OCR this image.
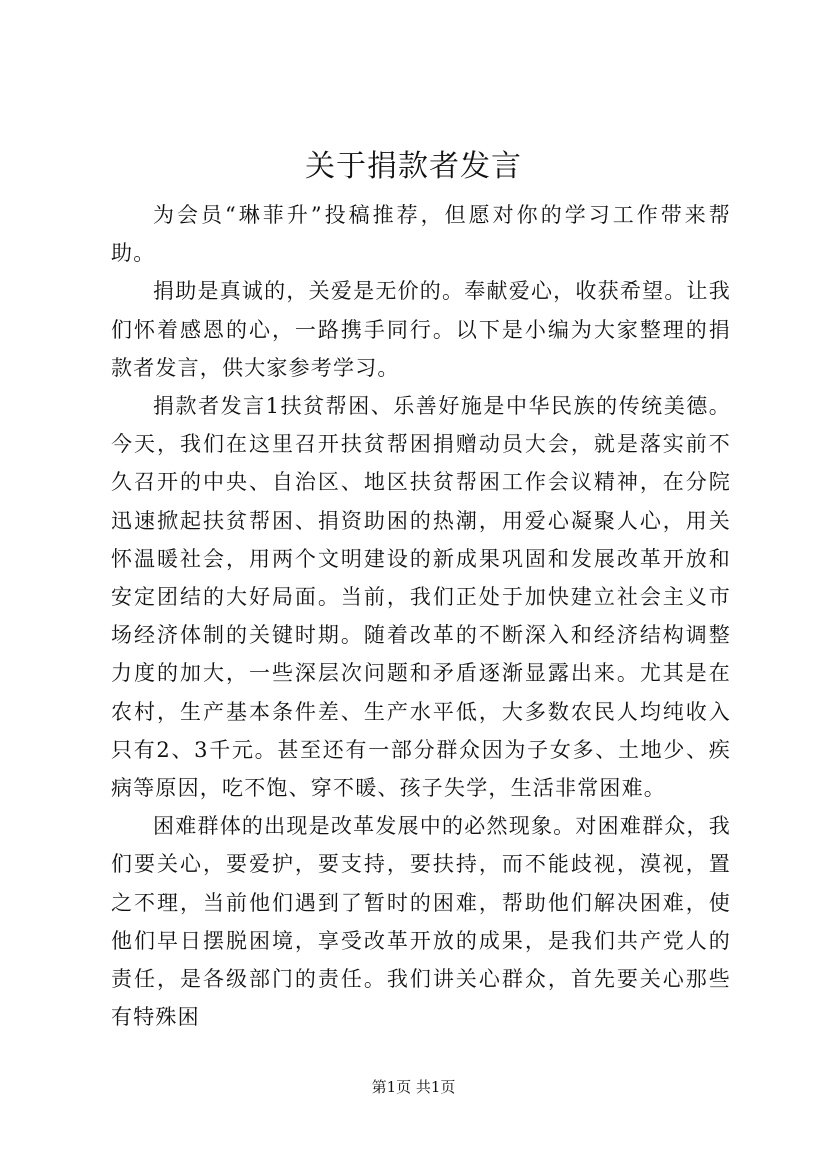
关于捐款者发言

为会员“琳菲升”投稿推荐，但愿对你的学习工作带来帮助。

捐助是真诚的，关爱是无价的。奉献爱心，收获希望。让我们怀着感恩的心，一路携手同行。以下是小编为大家整理的捐款者发言，供大家参考学习。

捐款者发言1扶贫帮困、乐善好施是中华民族的传统美德。今天，我们在这里召开扶贫帮困捐赠动员大会，就是落实前不久召开的中央、自治区、地区扶贫帮困工作会议精神，在分院迅速掀起扶贫帮困、捐资助困的热潮，用爱心凝聚人心，用关怀温暖社会，用两个文明建设的新成果巩固和发展改革开放和安定团结的大好局面。当前，我们正处于加快建立社会主义市场经济体制的关键时期。随着改革的不断深入和经济结构调整力度的加大，一些深层次问题和矛盾逐渐显露出来。尤其是在农村，生产基本条件差、生产水平低，大多数农民人均纯收入只有2、3千元。甚至还有一部分群众因为子女多、土地少、疾病等原因，吃不饱、穿不暖、孩子失学，生活非常困难。

困难群体的出现是改革发展中的必然现象。对困难群众，我们要关心，要爱护，要支持，要扶持，而不能歧视，漠视，置之不理，当前他们遇到了暂时的困难，帮助他们解决困难，使他们早日摆脱困境，享受改革开放的成果，是我们共产党人的责任，是各级部门的责任。我们讲关心群众，首先要关心那些有特殊困

第1页 共1页
